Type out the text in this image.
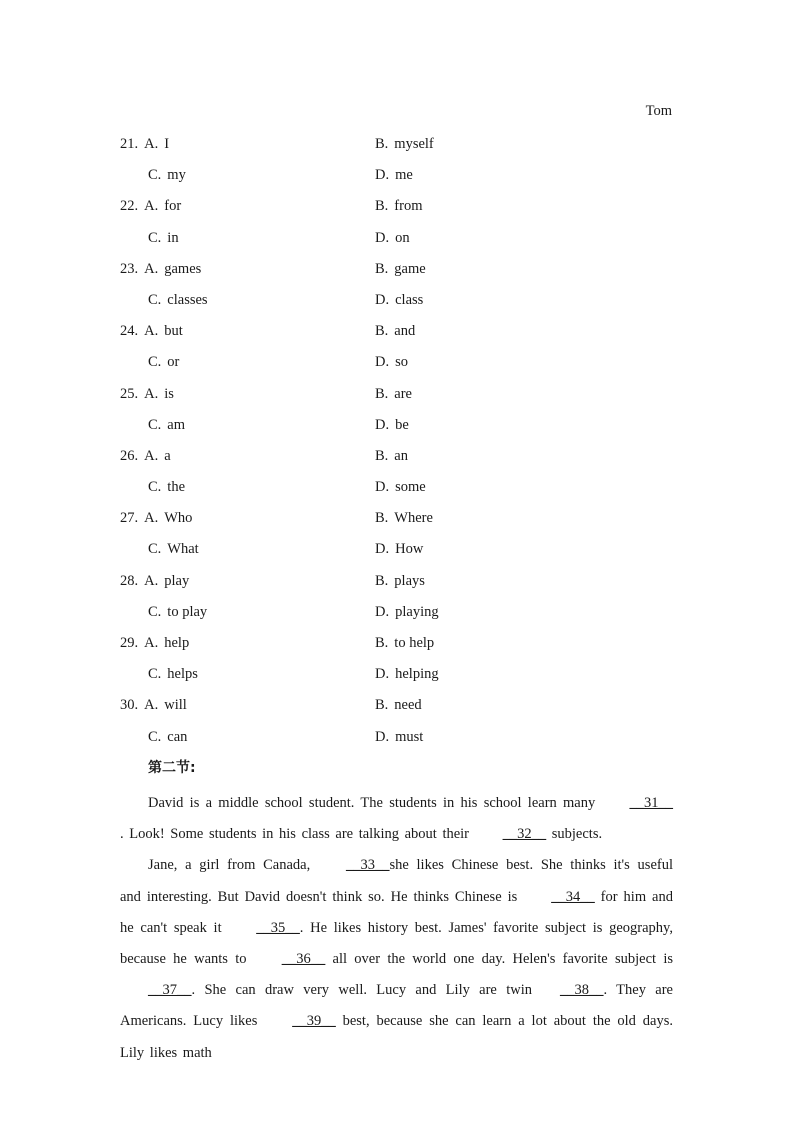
Tom
21. A. I	B. myself
C. my	D. me
22. A. for	B. from
C. in	D. on
23. A. games	B. game
C. classes	D. class
24. A. but	B. and
C. or	D. so
25. A. is	B. are
C. am	D. be
26. A. a	B. an
C. the	D. some
27. A. Who	B. Where
C. What	D. How
28. A. play	B. plays
C. to play	D. playing
29. A. help	B. to help
C. helps	D. helping
30. A. will	B. need
C. can	D. must
第二节:

David is a middle school student. The students in his school learn many __31__ . Look! Some students in his class are talking about their __32__ subjects.

Jane, a girl from Canada, __33__she likes Chinese best. She thinks it's useful and interesting. But David doesn't think so. He thinks Chinese is __34__ for him and he can't speak it __35__. He likes history best. James' favorite subject is geography, because he wants to __36__ all over the world one day. Helen's favorite subject is __37__. She can draw very well. Lucy and Lily are twin __38__. They are Americans. Lucy likes __39__ best, because she can learn a lot about the old days. Lily likes math
